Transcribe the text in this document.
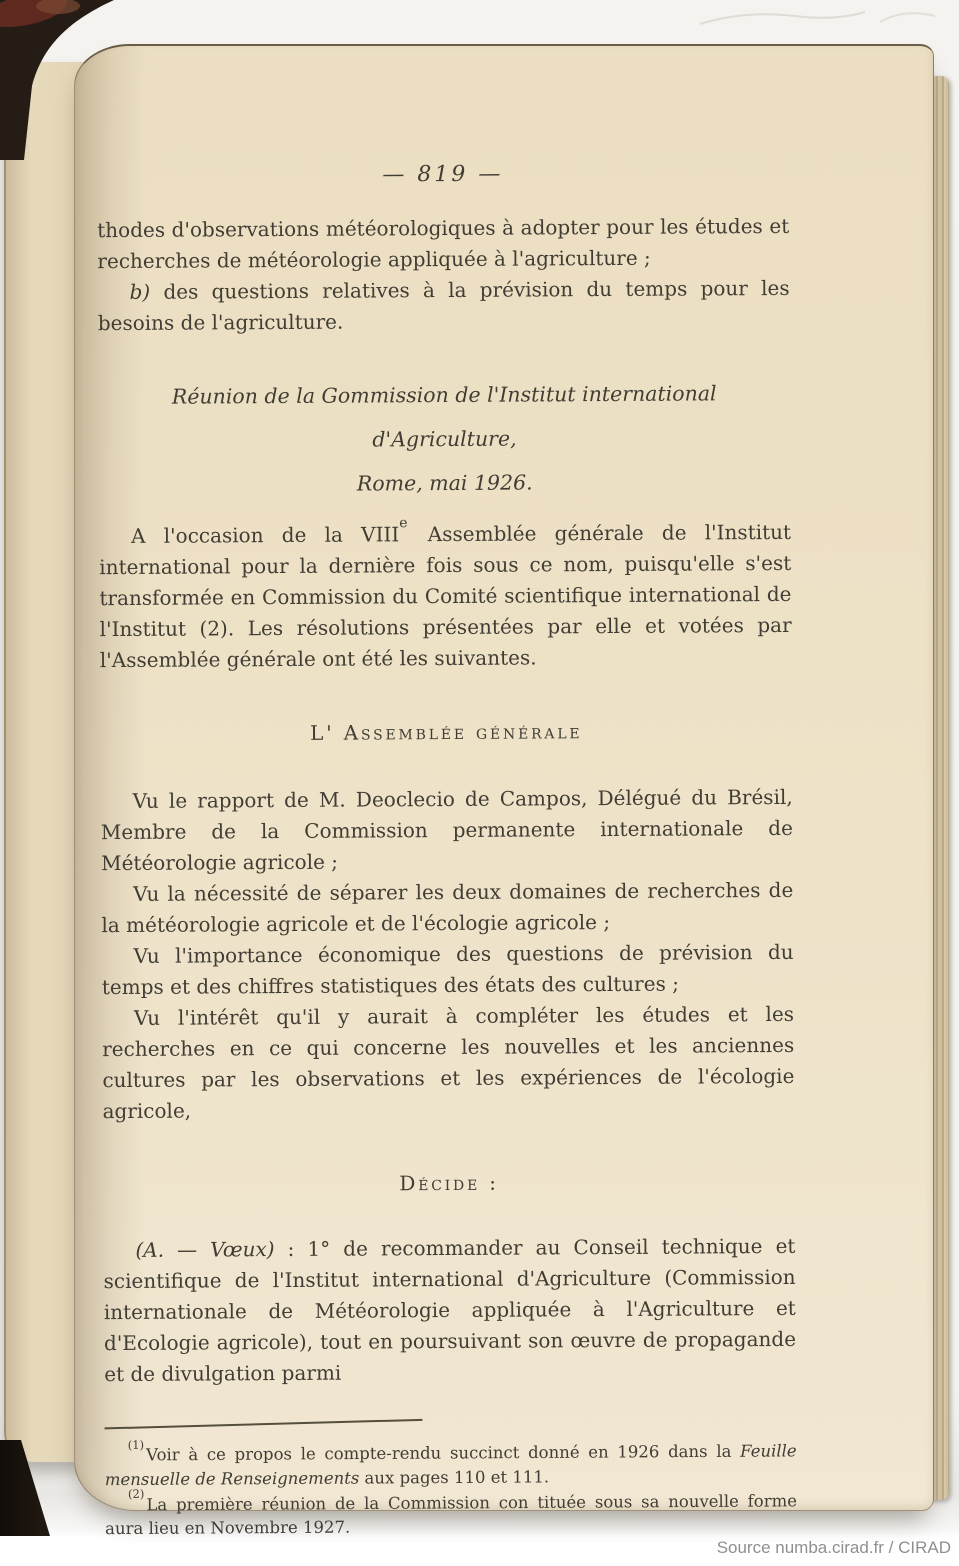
— 819 —

thodes d'observations météorologiques à adopter pour les études et recherches de météorologie appliquée à l'agriculture ;

b) des questions relatives à la prévision du temps pour les besoins de l'agriculture.

Réunion de la Gommission de l'Institut international d'Agriculture,
Rome, mai 1926.

A l'occasion de la VIIIe Assemblée générale de l'Institut international pour la dernière fois sous ce nom, puisqu'elle s'est transformée en Commission du Comité scientifique international de l'Institut (2). Les résolutions présentées par elle et votées par l'Assemblée générale ont été les suivantes.

L' Assemblée générale

Vu le rapport de M. Deoclecio de Campos, Délégué du Brésil, Membre de la Commission permanente internationale de Météorologie agricole ;

Vu la nécessité de séparer les deux domaines de recherches de la météorologie agricole et de l'écologie agricole ;

Vu l'importance économique des questions de prévision du temps et des chiffres statistiques des états des cultures ;

Vu l'intérêt qu'il y aurait à compléter les études et les recherches en ce qui concerne les nouvelles et les anciennes cultures par les observations et les expériences de l'écologie agricole,

Décide :

(A. — Vœux) : 1° de recommander au Conseil technique et scientifique de l'Institut international d'Agriculture (Commission internationale de Météorologie appliquée à l'Agriculture et d'Ecologie agricole), tout en poursuivant son œuvre de propagande et de divulgation parmi

$^{(1)}$ Voir à ce propos le compte-rendu succinct donné en 1926 dans la Feuille mensuelle de Renseignements aux pages 110 et 111.

$^{(2)}$ La première réunion de la Commission con tituée sous sa nouvelle forme aura lieu en Novembre 1927.

Source numba.cirad.fr / CIRAD
